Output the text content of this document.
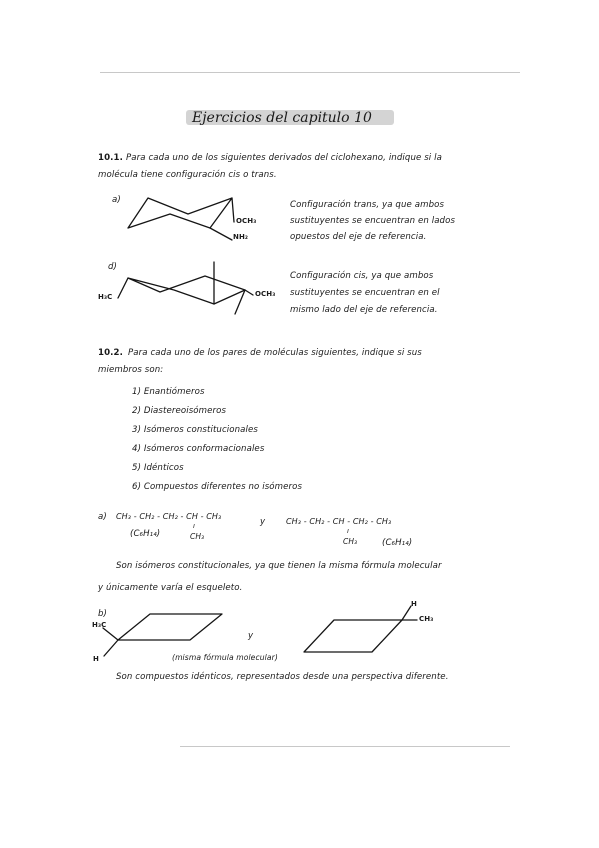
Ejercicios del capitulo 10
10.1. Para cada uno de los siguientes derivados del ciclohexano, indique si la
molécula tiene configuración cis o trans.
a)
OCH₃
NH₂
Configuración trans, ya que ambos
sustituyentes se encuentran en lados
opuestos del eje de referencia.
d)
H₃C	OCH₃
Configuración cis, ya que ambos
sustituyentes se encuentran en el
mismo lado del eje de referencia.
10.2. Para cada uno de los pares de moléculas siguientes, indique si sus
miembros son:
1) Enantiómeros
2) Diastereoisómeros
3) Isómeros constitucionales
4) Isómeros conformacionales
5) Idénticos
6) Compuestos diferentes no isómeros
a) CH₃ - CH₂ - CH₂ - CH - CH₃
ı
CH₃
(C₆H₁₄)
y	CH₃ - CH₂ - CH - CH₂ - CH₃
ı
CH₃	(C₆H₁₄)
Son isómeros constitucionales, ya que tienen la misma fórmula molecular
y únicamente varía el esqueleto.
b)
H₃C
H
y
H
CH₃
(misma fórmula molecular)
Son compuestos idénticos, representados desde una perspectiva diferente.
